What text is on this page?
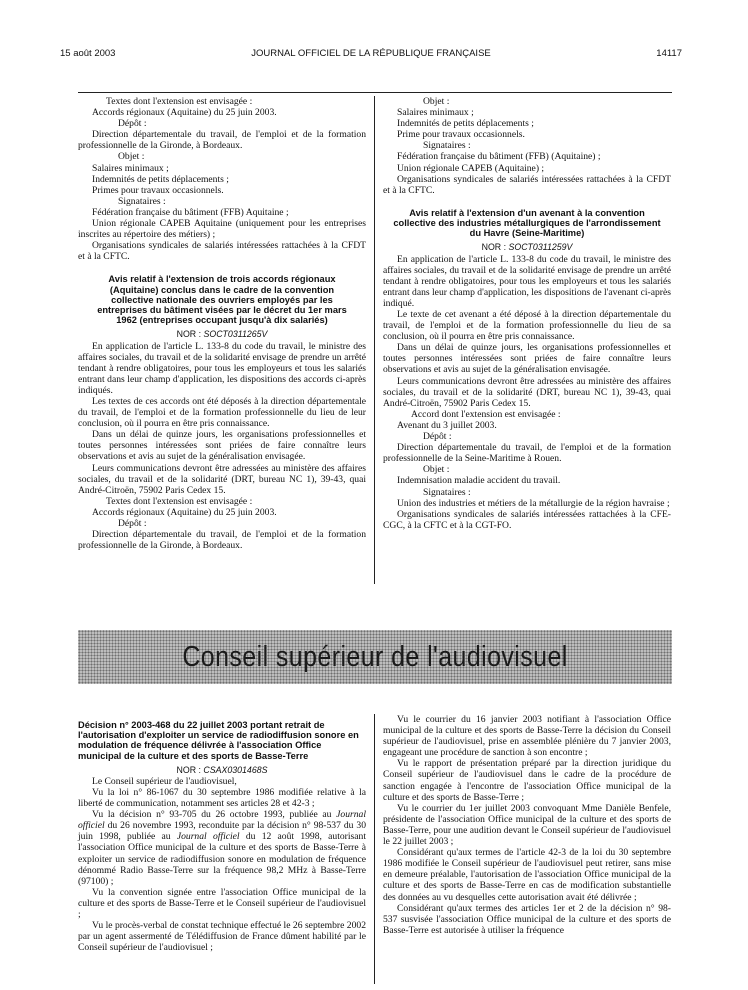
15 août 2003	JOURNAL OFFICIEL DE LA RÉPUBLIQUE FRANÇAISE	14117

Textes dont l'extension est envisagée :

Accords régionaux (Aquitaine) du 25 juin 2003.

Dépôt :

Direction départementale du travail, de l'emploi et de la formation professionnelle de la Gironde, à Bordeaux.

Objet :

Salaires minimaux ;

Indemnités de petits déplacements ;

Primes pour travaux occasionnels.

Signataires :

Fédération française du bâtiment (FFB) Aquitaine ;

Union régionale CAPEB Aquitaine (uniquement pour les entreprises inscrites au répertoire des métiers) ;

Organisations syndicales de salariés intéressées rattachées à la CFDT et à la CFTC.

Avis relatif à l'extension de trois accords régionaux (Aquitaine) conclus dans le cadre de la convention collective nationale des ouvriers employés par les entreprises du bâtiment visées par le décret du 1er mars 1962 (entreprises occupant jusqu'à dix salariés)

NOR : SOCT0311265V

En application de l'article L. 133-8 du code du travail, le ministre des affaires sociales, du travail et de la solidarité envisage de prendre un arrêté tendant à rendre obligatoires, pour tous les employeurs et tous les salariés entrant dans leur champ d'application, les dispositions des accords ci-après indiqués.

Les textes de ces accords ont été déposés à la direction départementale du travail, de l'emploi et de la formation professionnelle du lieu de leur conclusion, où il pourra en être pris connaissance.

Dans un délai de quinze jours, les organisations professionnelles et toutes personnes intéressées sont priées de faire connaître leurs observations et avis au sujet de la généralisation envisagée.

Leurs communications devront être adressées au ministère des affaires sociales, du travail et de la solidarité (DRT, bureau NC 1), 39-43, quai André-Citroën, 75902 Paris Cedex 15.

Textes dont l'extension est envisagée :

Accords régionaux (Aquitaine) du 25 juin 2003.

Dépôt :

Direction départementale du travail, de l'emploi et de la formation professionnelle de la Gironde, à Bordeaux.

Objet :

Salaires minimaux ;

Indemnités de petits déplacements ;

Prime pour travaux occasionnels.

Signataires :

Fédération française du bâtiment (FFB) (Aquitaine) ;

Union régionale CAPEB (Aquitaine) ;

Organisations syndicales de salariés intéressées rattachées à la CFDT et à la CFTC.

Avis relatif à l'extension d'un avenant à la convention collective des industries métallurgiques de l'arrondissement du Havre (Seine-Maritime)

NOR : SOCT0311259V

En application de l'article L. 133-8 du code du travail, le ministre des affaires sociales, du travail et de la solidarité envisage de prendre un arrêté tendant à rendre obligatoires, pour tous les employeurs et tous les salariés entrant dans leur champ d'application, les dispositions de l'avenant ci-après indiqué.

Le texte de cet avenant a été déposé à la direction départementale du travail, de l'emploi et de la formation professionnelle du lieu de sa conclusion, où il pourra en être pris connaissance.

Dans un délai de quinze jours, les organisations professionnelles et toutes personnes intéressées sont priées de faire connaître leurs observations et avis au sujet de la généralisation envisagée.

Leurs communications devront être adressées au ministère des affaires sociales, du travail et de la solidarité (DRT, bureau NC 1), 39-43, quai André-Citroën, 75902 Paris Cedex 15.

Accord dont l'extension est envisagée :

Avenant du 3 juillet 2003.

Dépôt :

Direction départementale du travail, de l'emploi et de la formation professionnelle de la Seine-Maritime à Rouen.

Objet :

Indemnisation maladie accident du travail.

Signataires :

Union des industries et métiers de la métallurgie de la région havraise ;

Organisations syndicales de salariés intéressées rattachées à la CFE-CGC, à la CFTC et à la CGT-FO.

Conseil supérieur de l'audiovisuel
Décision n° 2003-468 du 22 juillet 2003 portant retrait de l'autorisation d'exploiter un service de radiodiffusion sonore en modulation de fréquence délivrée à l'association Office municipal de la culture et des sports de Basse-Terre

NOR : CSAX0301468S

Le Conseil supérieur de l'audiovisuel,

Vu la loi n° 86-1067 du 30 septembre 1986 modifiée relative à la liberté de communication, notamment ses articles 28 et 42-3 ;

Vu la décision n° 93-705 du 26 octobre 1993, publiée au Journal officiel du 26 novembre 1993, reconduite par la décision n° 98-537 du 30 juin 1998, publiée au Journal officiel du 12 août 1998, autorisant l'association Office municipal de la culture et des sports de Basse-Terre à exploiter un service de radiodiffusion sonore en modulation de fréquence dénommé Radio Basse-Terre sur la fréquence 98,2 MHz à Basse-Terre (97100) ;

Vu la convention signée entre l'association Office municipal de la culture et des sports de Basse-Terre et le Conseil supérieur de l'audiovisuel ;

Vu le procès-verbal de constat technique effectué le 26 septembre 2002 par un agent assermenté de Télédiffusion de France dûment habilité par le Conseil supérieur de l'audiovisuel ;

Vu le courrier du 16 janvier 2003 notifiant à l'association Office municipal de la culture et des sports de Basse-Terre la décision du Conseil supérieur de l'audiovisuel, prise en assemblée plénière du 7 janvier 2003, engageant une procédure de sanction à son encontre ;

Vu le rapport de présentation préparé par la direction juridique du Conseil supérieur de l'audiovisuel dans le cadre de la procédure de sanction engagée à l'encontre de l'association Office municipal de la culture et des sports de Basse-Terre ;

Vu le courrier du 1er juillet 2003 convoquant Mme Danièle Benfele, présidente de l'association Office municipal de la culture et des sports de Basse-Terre, pour une audition devant le Conseil supérieur de l'audiovisuel le 22 juillet 2003 ;

Considérant qu'aux termes de l'article 42-3 de la loi du 30 septembre 1986 modifiée le Conseil supérieur de l'audiovisuel peut retirer, sans mise en demeure préalable, l'autorisation de l'association Office municipal de la culture et des sports de Basse-Terre en cas de modification substantielle des données au vu desquelles cette autorisation avait été délivrée ;

Considérant qu'aux termes des articles 1er et 2 de la décision n° 98-537 susvisée l'association Office municipal de la culture et des sports de Basse-Terre est autorisée à utiliser la fréquence
